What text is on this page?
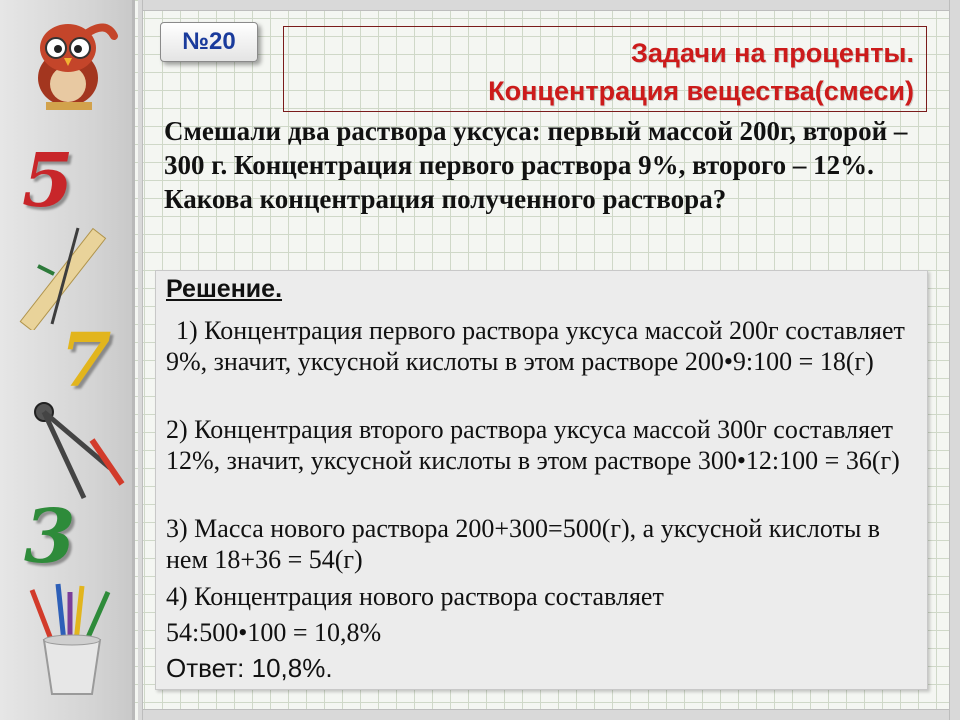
5
7
3
№20	Задачи на проценты.
Концентрация вещества(смеси)
Смешали два раствора уксуса: первый массой 200г, второй – 300 г. Концентрация первого раствора 9%, второго – 12%. Какова концентрация полученного раствора?
Решение.
1) Концентрация первого раствора уксуса массой 200г составляет 9%, значит, уксусной кислоты в этом растворе 200•9:100 = 18(г)
2) Концентрация второго раствора уксуса массой 300г составляет 12%, значит, уксусной кислоты в этом растворе 300•12:100 = 36(г)
3) Масса нового раствора 200+300=500(г), а уксусной кислоты в нем 18+36 = 54(г)
4) Концентрация нового раствора составляет
54:500•100 = 10,8%
Ответ: 10,8%.
